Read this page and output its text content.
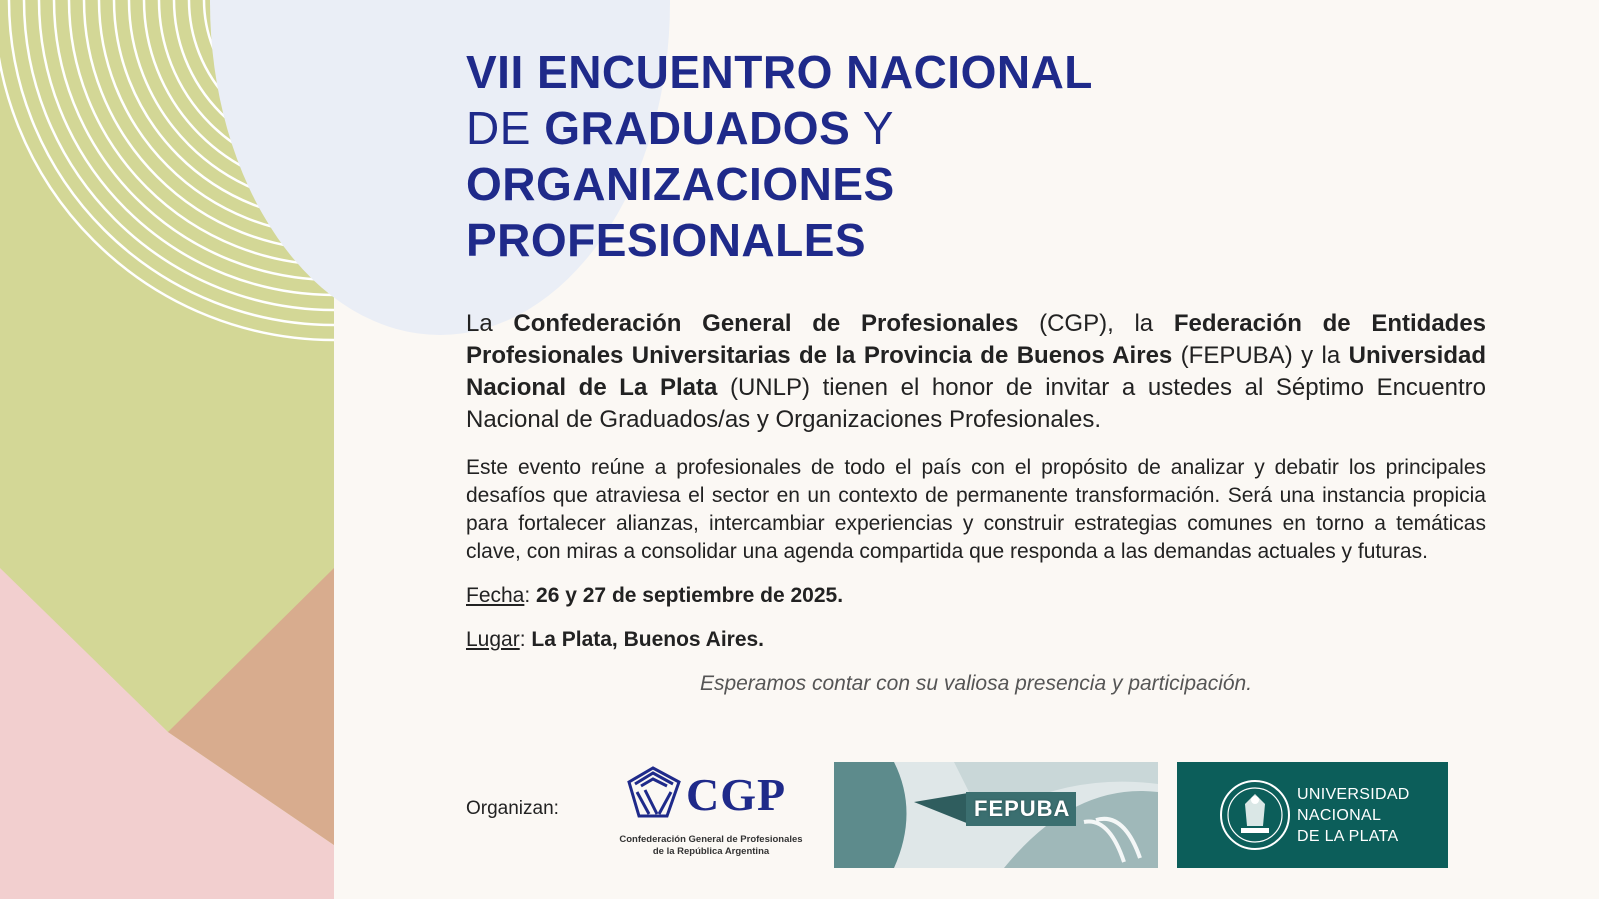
VII ENCUENTRO NACIONAL
DE GRADUADOS Y
ORGANIZACIONES
PROFESIONALES
La Confederación General de Profesionales (CGP), la Federación de Entidades Profesionales Universitarias de la Provincia de Buenos Aires (FEPUBA) y la Universidad Nacional de La Plata (UNLP) tienen el honor de invitar a ustedes al Séptimo Encuentro Nacional de Graduados/as y Organizaciones Profesionales.
Este evento reúne a profesionales de todo el país con el propósito de analizar y debatir los principales desafíos que atraviesa el sector en un contexto de permanente transformación. Será una instancia propicia para fortalecer alianzas, intercambiar experiencias y construir estrategias comunes en torno a temáticas clave, con miras a consolidar una agenda compartida que responda a las demandas actuales y futuras.
Fecha: 26 y 27 de septiembre de 2025.
Lugar: La Plata, Buenos Aires.
Esperamos contar con su valiosa presencia y participación.
Organizan:	CGP
Confederación General de Profesionales
de la República Argentina
FEPUBA
UNIVERSIDAD
NACIONAL
DE LA PLATA
